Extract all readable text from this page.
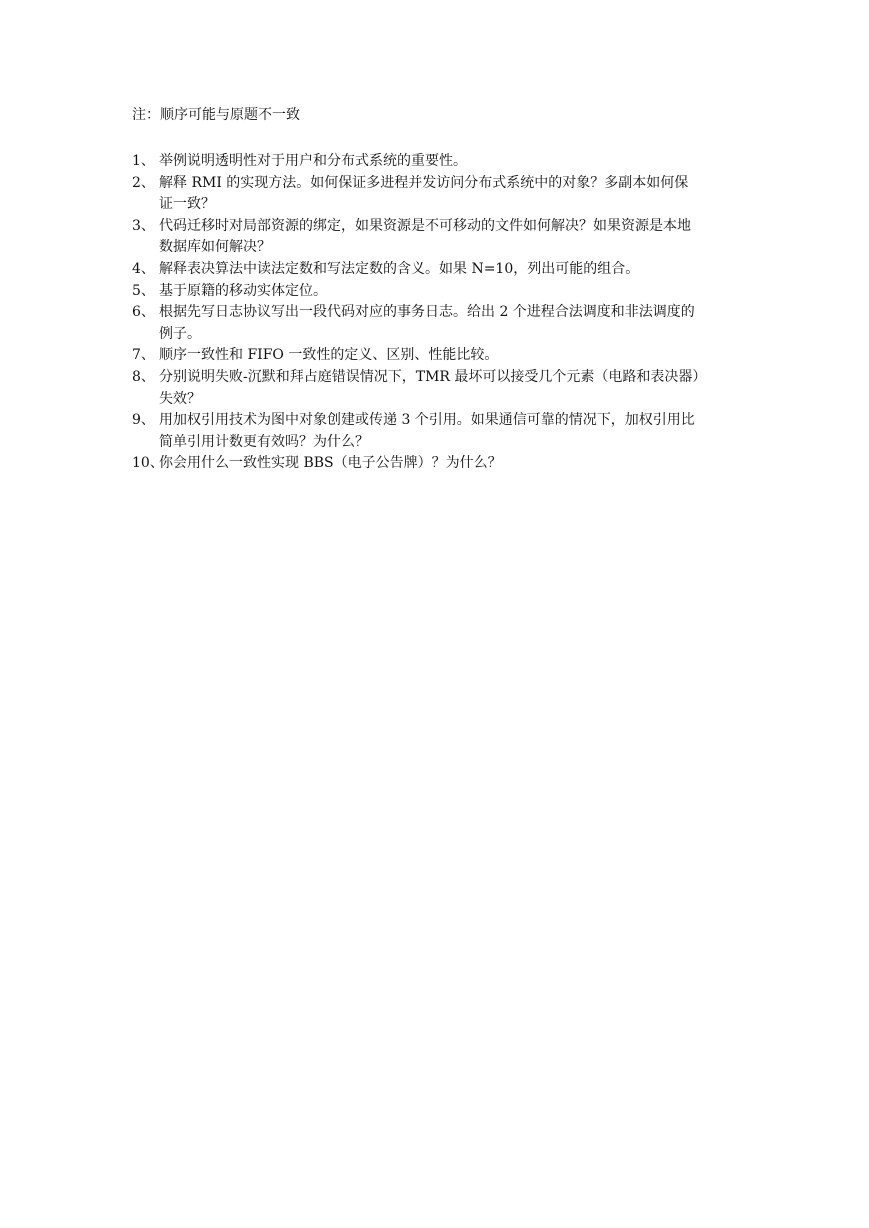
注：顺序可能与原题不一致
1、 举例说明透明性对于用户和分布式系统的重要性。
2、 解释 RMI 的实现方法。如何保证多进程并发访问分布式系统中的对象？多副本如何保
证一致？
3、 代码迁移时对局部资源的绑定，如果资源是不可移动的文件如何解决？如果资源是本地
数据库如何解决？
4、 解释表决算法中读法定数和写法定数的含义。如果 N=10，列出可能的组合。
5、 基于原籍的移动实体定位。
6、 根据先写日志协议写出一段代码对应的事务日志。给出 2 个进程合法调度和非法调度的
例子。
7、 顺序一致性和 FIFO 一致性的定义、区别、性能比较。
8、 分别说明失败-沉默和拜占庭错误情况下，TMR 最坏可以接受几个元素（电路和表决器）
失效？
9、 用加权引用技术为图中对象创建或传递 3 个引用。如果通信可靠的情况下，加权引用比
简单引用计数更有效吗？为什么？
10、
你会用什么一致性实现 BBS（电子公告牌）？为什么？
